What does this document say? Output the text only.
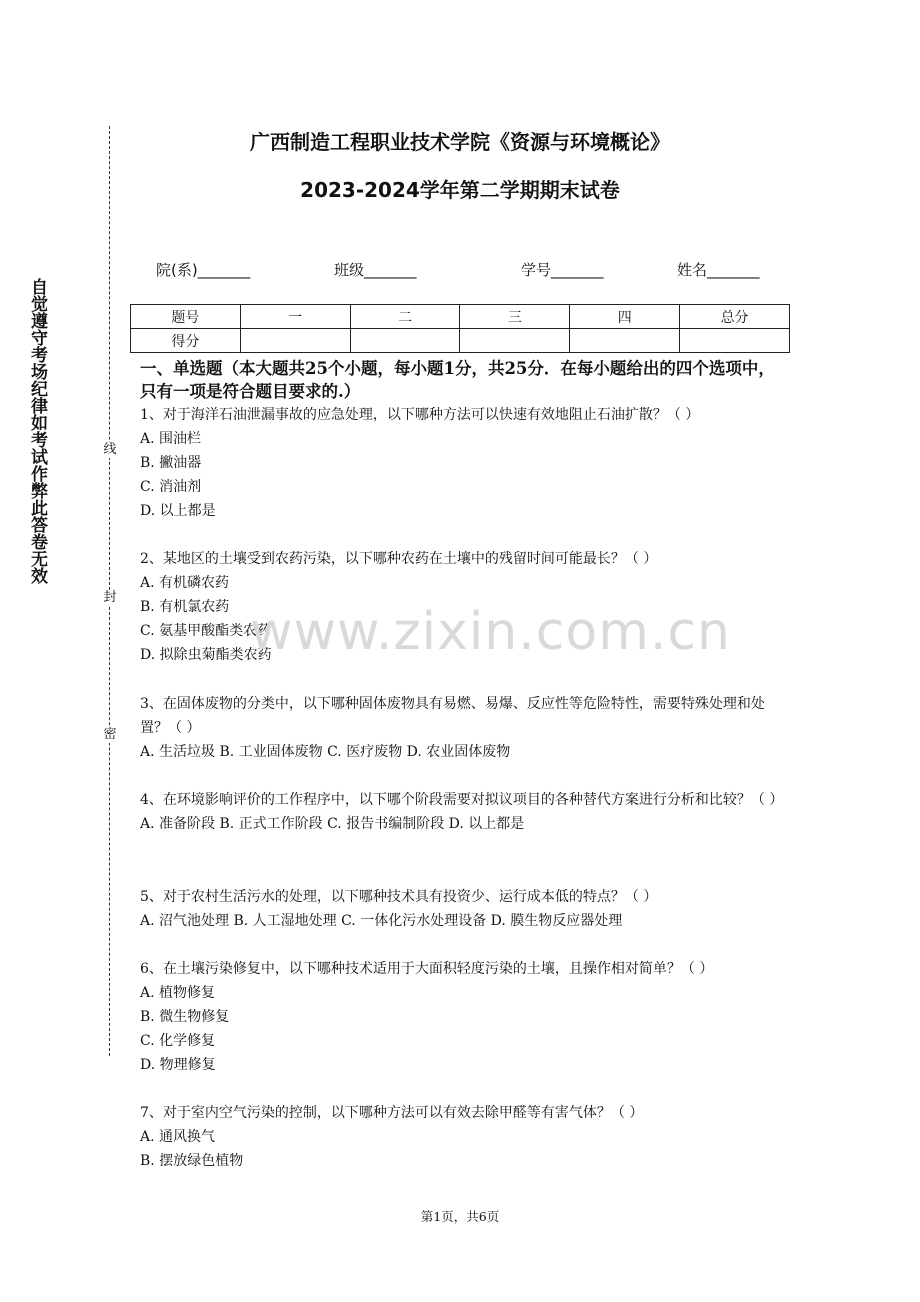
自觉遵守考场纪律如考试作弊此答卷无效	线
封
密
广西制造工程职业技术学院《资源与环境概论》
2023-2024学年第二学期期末试卷
院(系)_______	班级_______	学号_______	姓名_______
题号	一	二	三	四	总分
得分					
一、单选题（本大题共25个小题，每小题1分，共25分．在每小题给出的四个选项中，只有一项是符合题目要求的.）

1、对于海洋石油泄漏事故的应急处理，以下哪种方法可以快速有效地阻止石油扩散？（ ）

A. 围油栏

B. 撇油器

C. 消油剂

D. 以上都是

2、某地区的土壤受到农药污染，以下哪种农药在土壤中的残留时间可能最长？（ ）

A. 有机磷农药

B. 有机氯农药

C. 氨基甲酸酯类农药

D. 拟除虫菊酯类农药

3、在固体废物的分类中，以下哪种固体废物具有易燃、易爆、反应性等危险特性，需要特殊处理和处置？（ ）

A. 生活垃圾 B. 工业固体废物 C. 医疗废物 D. 农业固体废物

4、在环境影响评价的工作程序中，以下哪个阶段需要对拟议项目的各种替代方案进行分析和比较？（ ）

A. 准备阶段 B. 正式工作阶段 C. 报告书编制阶段 D. 以上都是

5、对于农村生活污水的处理，以下哪种技术具有投资少、运行成本低的特点？（ ）

A. 沼气池处理 B. 人工湿地处理 C. 一体化污水处理设备 D. 膜生物反应器处理

6、在土壤污染修复中，以下哪种技术适用于大面积轻度污染的土壤，且操作相对简单？（ ）

A. 植物修复

B. 微生物修复

C. 化学修复

D. 物理修复

7、对于室内空气污染的控制，以下哪种方法可以有效去除甲醛等有害气体？（ ）

A. 通风换气

B. 摆放绿色植物

www.zixin.com.cn
第1页，共6页
